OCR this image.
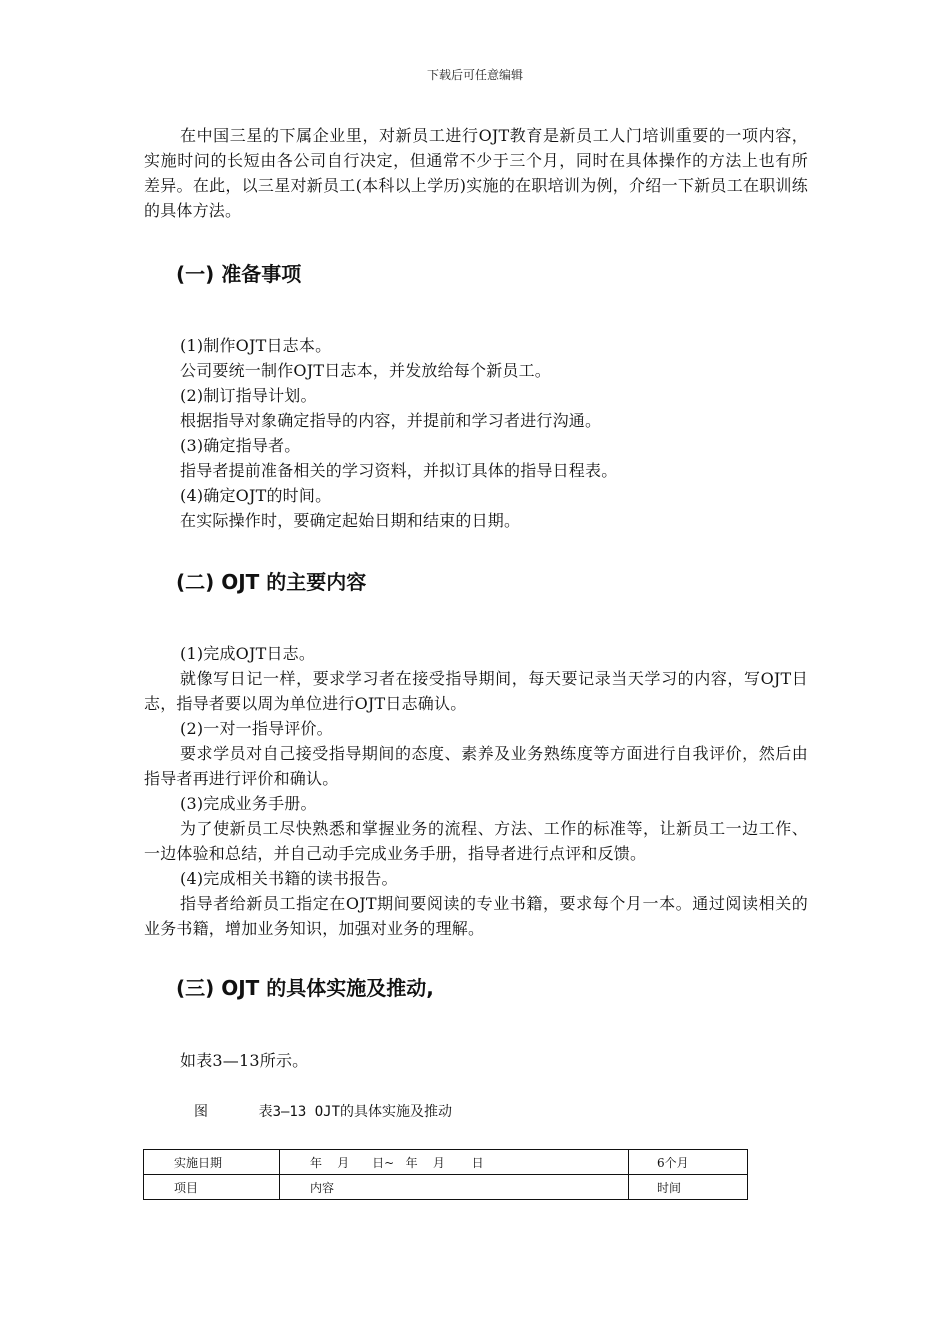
下载后可任意编辑
在中国三星的下属企业里，对新员工进行OJT教育是新员工人门培训重要的一项内容，实施时问的长短由各公司自行决定，但通常不少于三个月，同时在具体操作的方法上也有所差异。在此，以三星对新员工(本科以上学历)实施的在职培训为例，介绍一下新员工在职训练的具体方法。
(一) 准备事项

(1)制作OJT日志本。

公司要统一制作OJT日志本，并发放给每个新员工。

(2)制订指导计划。

根据指导对象确定指导的内容，并提前和学习者进行沟通。

(3)确定指导者。

指导者提前准备相关的学习资料，并拟订具体的指导日程表。

(4)确定OJT的时间。

在实际操作时，要确定起始日期和结束的日期。

(二) OJT 的主要内容

(1)完成OJT日志。

就像写日记一样，要求学习者在接受指导期间，每天要记录当天学习的内容，写OJT日志，指导者要以周为单位进行OJT日志确认。

(2)一对一指导评价。

要求学员对自己接受指导期间的态度、素养及业务熟练度等方面进行自我评价，然后由指导者再进行评价和确认。

(3)完成业务手册。

为了使新员工尽快熟悉和掌握业务的流程、方法、工作的标准等，让新员工一边工作、一边体验和总结，并自己动手完成业务手册，指导者进行点评和反馈。

(4)完成相关书籍的读书报告。

指导者给新员工指定在OJT期间要阅读的专业书籍，要求每个月一本。通过阅读相关的业务书籍，增加业务知识，加强对业务的理解。

(三) OJT 的具体实施及推动,
如表3—13所示。
图      表3—13 OJT的具体实施及推动
实施日期	年    月      日~   年    月       日	6个月
项目	内容	时间
